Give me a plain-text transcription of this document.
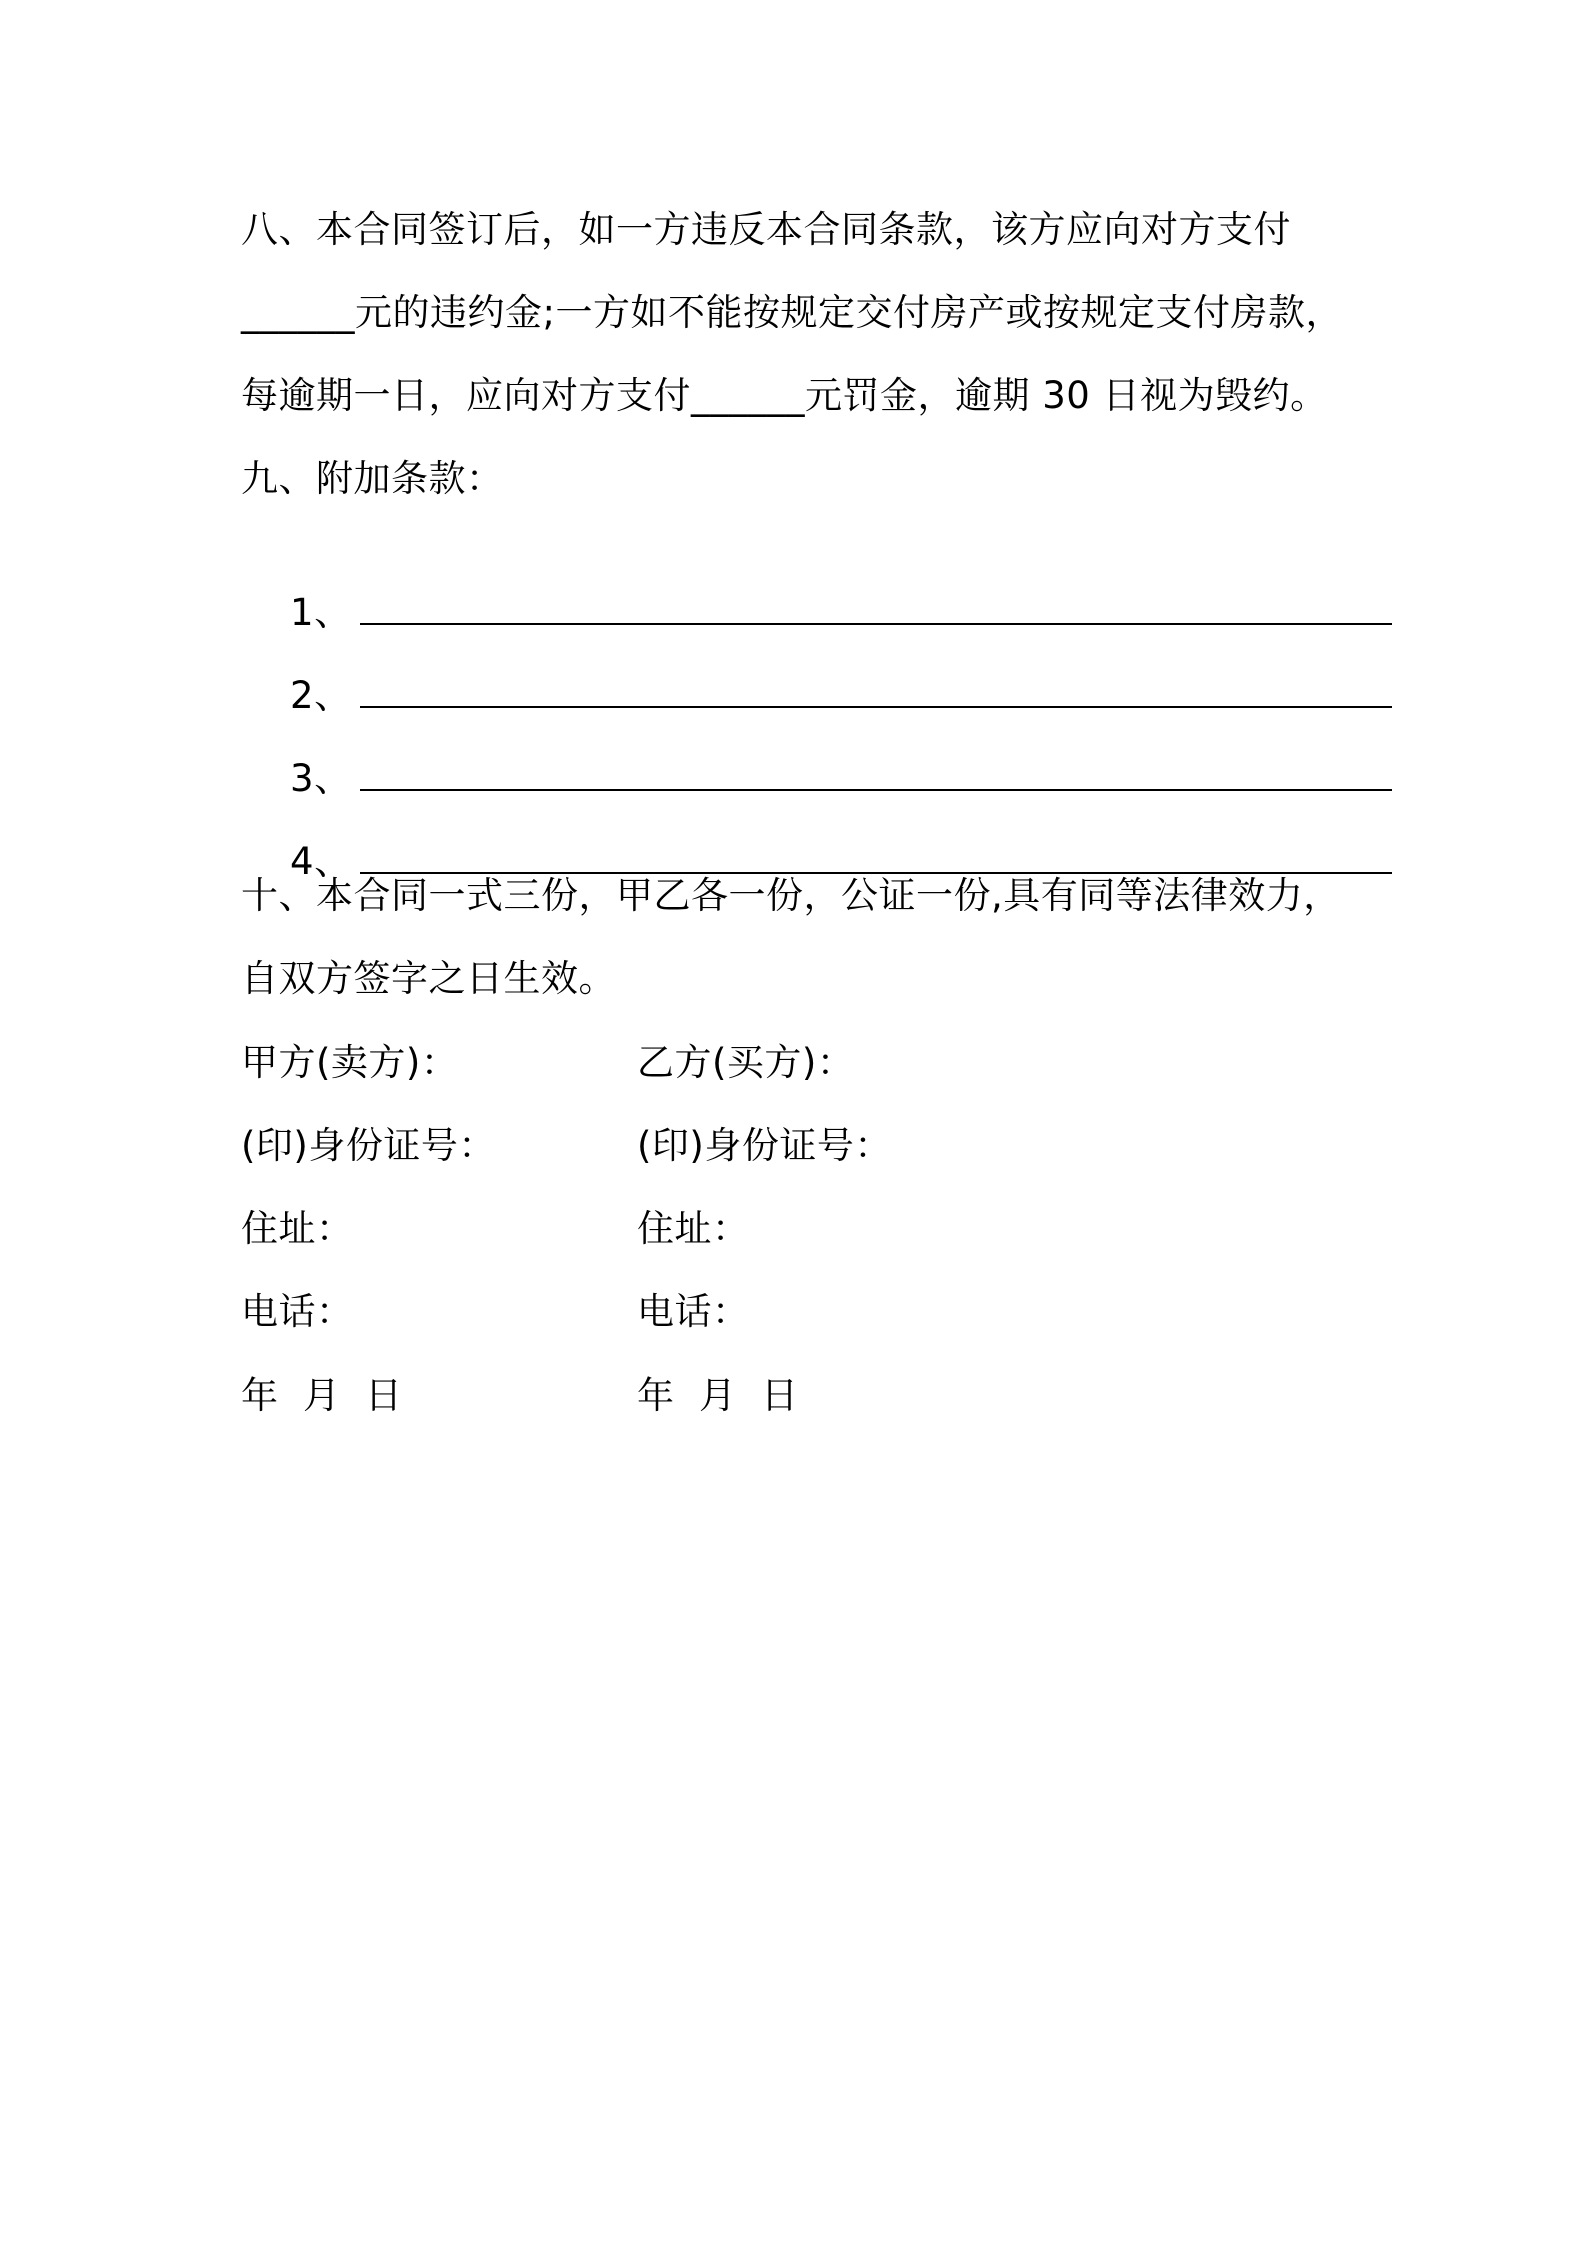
八、本合同签订后，如一方违反本合同条款，该方应向对方支付
______元的违约金;一方如不能按规定交付房产或按规定支付房款，
每逾期一日，应向对方支付______元罚金，逾期 30 日视为毁约。
九、附加条款：

1、

2、

3、

4、

十、本合同一式三份，甲乙各一份，公证一份,具有同等法律效力，
自双方签字之日生效。
甲方(卖方)：	乙方(买方)：
(印)身份证号：	(印)身份证号：
住址：	住址：
电话：	电话：
年  月  日	年  月  日
